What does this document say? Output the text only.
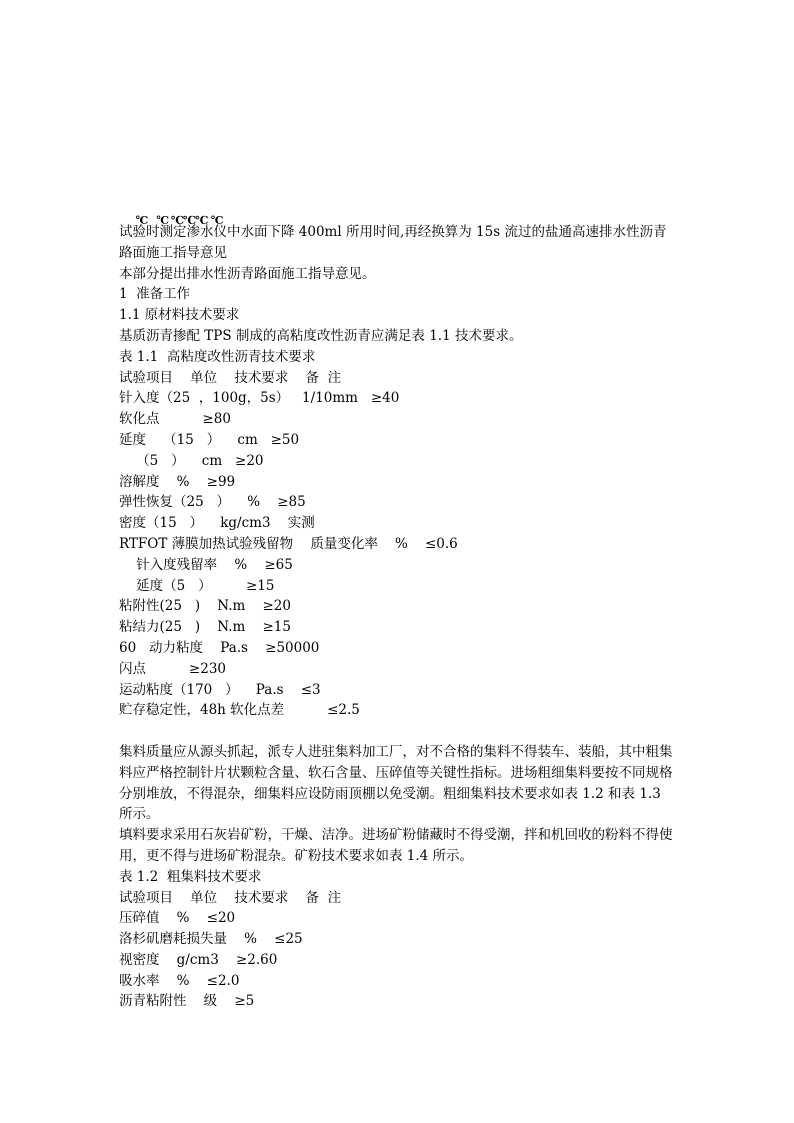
°C   °C ℃℃℃ °C
试验时测定渗水仪中水面下降 400ml 所用时间,再经换算为 15s 流过的盐通高速排水性沥青
路面施工指导意见
本部分提出排水性沥青路面施工指导意见。
1  准备工作
1.1 原材料技术要求
基质沥青掺配 TPS 制成的高粘度改性沥青应满足表 1.1 技术要求。
表 1.1  高粘度改性沥青技术要求
试验项目    单位    技术要求    备  注
针入度（25  ，100g，5s）   1/10mm   ≥40
软化点          ≥80
延度    （15   ）    cm   ≥50
（5   ）    cm   ≥20
溶解度    %    ≥99
弹性恢复（25   ）    %    ≥85
密度（15   ）    kg/cm3    实测
RTFOT 薄膜加热试验残留物    质量变化率    %    ≤0.6
针入度残留率    %    ≥65
延度（5   ）        ≥15
粘附性(25   )    N.m    ≥20
粘结力(25   )    N.m    ≥15
60   动力粘度    Pa.s    ≥50000
闪点          ≥230
运动粘度（170   ）    Pa.s    ≤3
贮存稳定性，48h 软化点差          ≤2.5
集料质量应从源头抓起，派专人进驻集料加工厂，对不合格的集料不得装车、装船，其中粗集料应严格控制针片状颗粒含量、软石含量、压碎值等关键性指标。进场粗细集料要按不同规格分别堆放，不得混杂，细集料应设防雨顶棚以免受潮。粗细集料技术要求如表 1.2 和表 1.3 所示。
填料要求采用石灰岩矿粉，干燥、洁净。进场矿粉储藏时不得受潮，拌和机回收的粉料不得使用，更不得与进场矿粉混杂。矿粉技术要求如表 1.4 所示。
表 1.2  粗集料技术要求
试验项目    单位    技术要求    备  注
压碎值    %    ≤20
洛杉矶磨耗损失量    %    ≤25
视密度    g/cm3    ≥2.60
吸水率    %    ≤2.0
沥青粘附性    级    ≥5
